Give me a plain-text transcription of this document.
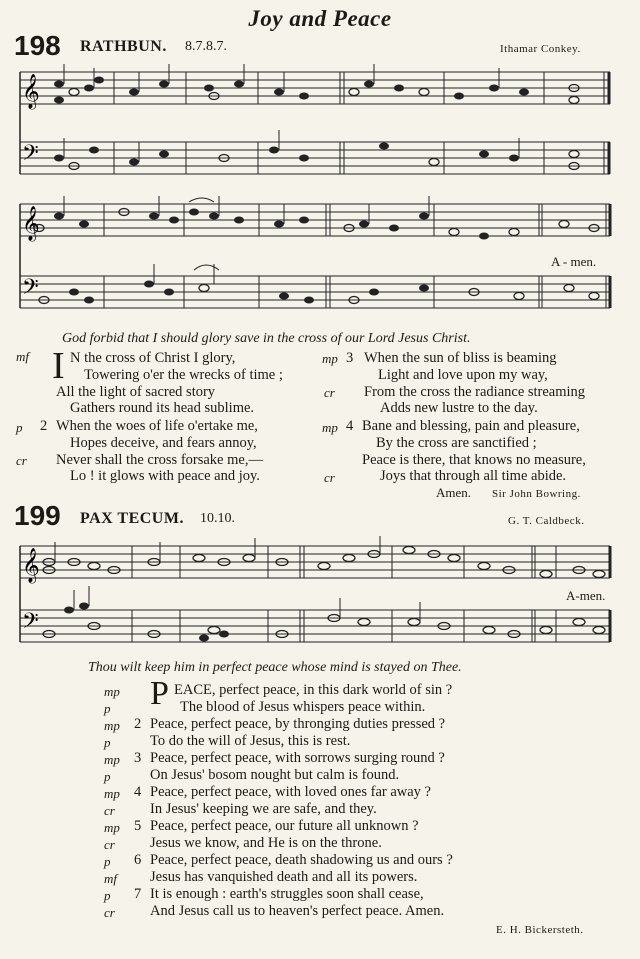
Joy and Peace
198 RATHBUN. 8.7.8.7.	Ithamar Conkey.
𝄞
𝄢
𝄞
𝄢
A - men.
God forbid that I should glory save in the cross of our Lord Jesus Christ.
mf I N the cross of Christ I glory,
Towering o'er the wrecks of time ;
All the light of sacred story
Gathers round its head sublime.
p 2 When the woes of life o'ertake me,
Hopes deceive, and fears annoy,
cr Never shall the cross forsake me,—
Lo ! it glows with peace and joy.
mp 3 When the sun of bliss is beaming
Light and love upon my way,
cr From the cross the radiance streaming
Adds new lustre to the day.
mp 4 Bane and blessing, pain and pleasure,
By the cross are sanctified ;
Peace is there, that knows no measure,
cr	Joys that through all time abide.
Amen. Sir John Bowring.
199 PAX TECUM. 10.10.	G. T. Caldbeck.
𝄞
𝄢
A-men.
Thou wilt keep him in perfect peace whose mind is stayed on Thee.
mp P EACE, perfect peace, in this dark world of sin ?
p	The blood of Jesus whispers peace within.
mp 2 Peace, perfect peace, by thronging duties pressed ?
p	To do the will of Jesus, this is rest.
mp 3 Peace, perfect peace, with sorrows surging round ?
p	On Jesus' bosom nought but calm is found.
mp 4 Peace, perfect peace, with loved ones far away ?
cr In Jesus' keeping we are safe, and they.
mp 5 Peace, perfect peace, our future all unknown ?
cr Jesus we know, and He is on the throne.
p 6 Peace, perfect peace, death shadowing us and ours ?
mf Jesus has vanquished death and all its powers.
p 7 It is enough : earth's struggles soon shall cease,
cr And Jesus call us to heaven's perfect peace. Amen.
E. H. Bickersteth.
